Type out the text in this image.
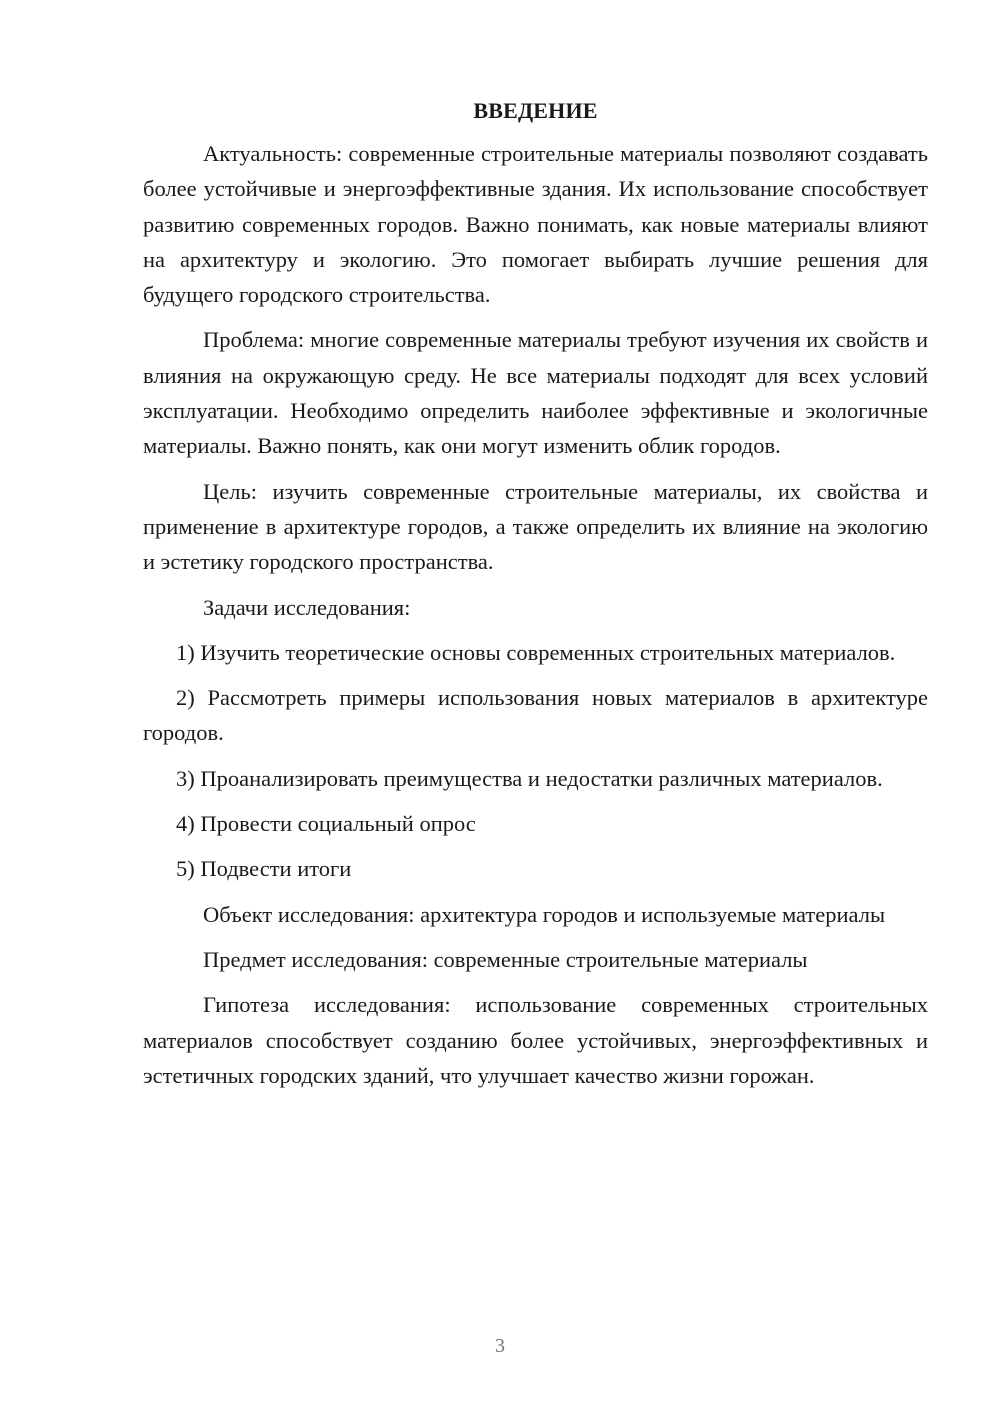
ВВЕДЕНИЕ

Актуальность: современные строительные материалы позволяют создавать более устойчивые и энергоэффективные здания. Их использование способствует развитию современных городов. Важно понимать, как новые материалы влияют на архитектуру и экологию. Это помогает выбирать лучшие решения для будущего городского строительства.

Проблема: многие современные материалы требуют изучения их свойств и влияния на окружающую среду. Не все материалы подходят для всех условий эксплуатации. Необходимо определить наиболее эффективные и экологичные материалы. Важно понять, как они могут изменить облик городов.

Цель: изучить современные строительные материалы, их свойства и применение в архитектуре городов, а также определить их влияние на экологию и эстетику городского пространства.

Задачи исследования:

1) Изучить теоретические основы современных строительных материалов.

2) Рассмотреть примеры использования новых материалов в архитектуре городов.

3) Проанализировать преимущества и недостатки различных материалов.

4) Провести социальный опрос

5) Подвести итоги

Объект исследования: архитектура городов и используемые материалы

Предмет исследования: современные строительные материалы

Гипотеза исследования: использование современных строительных материалов способствует созданию более устойчивых, энергоэффективных и эстетичных городских зданий, что улучшает качество жизни горожан.

3
